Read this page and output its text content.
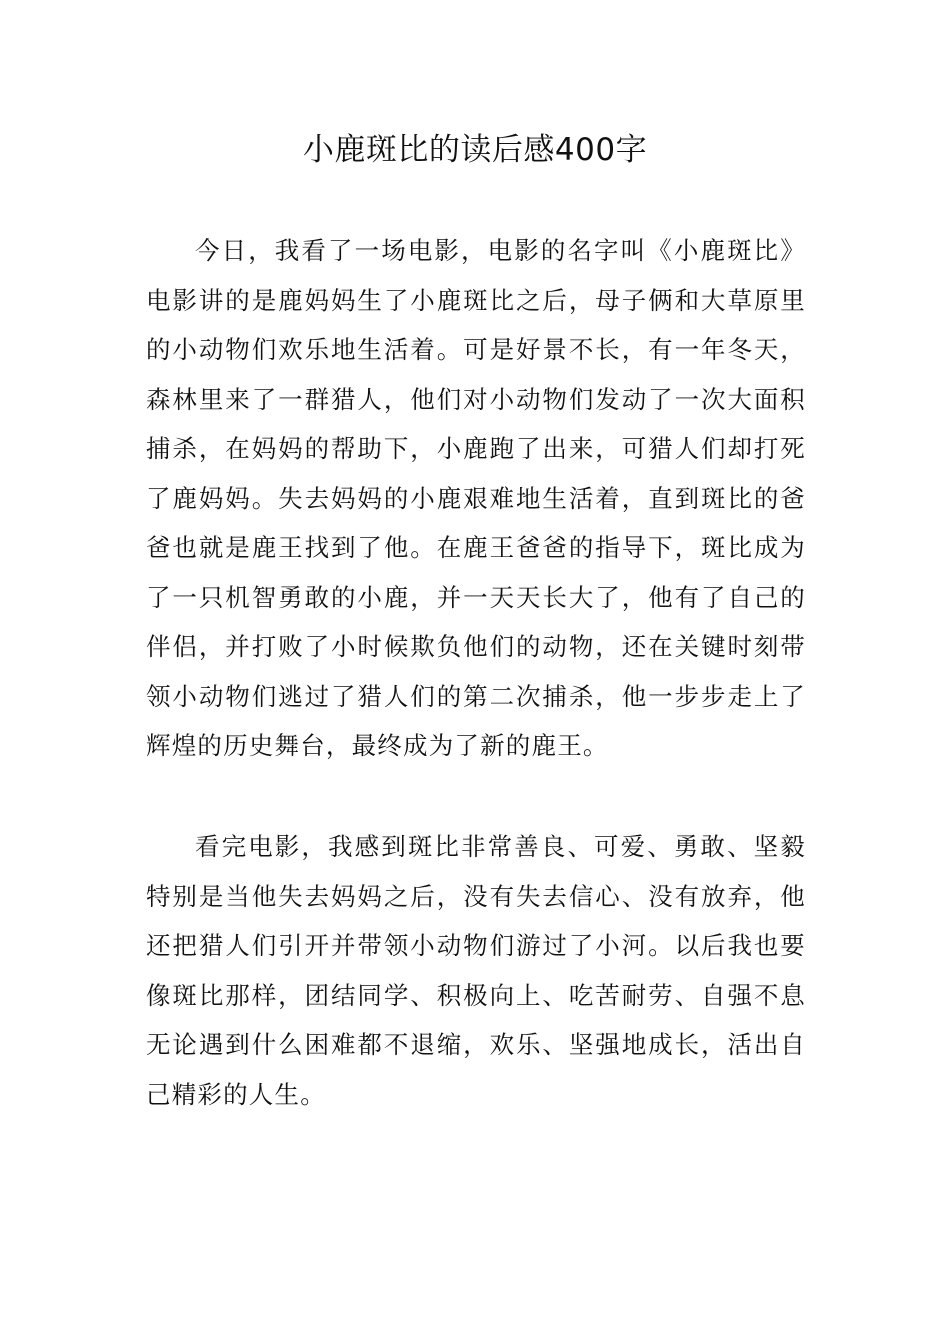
小鹿斑比的读后感400字

今日，我看了一场电影，电影的名字叫《小鹿斑比》电影讲的是鹿妈妈生了小鹿斑比之后，母子俩和大草原里的小动物们欢乐地生活着。可是好景不长，有一年冬天，森林里来了一群猎人，他们对小动物们发动了一次大面积捕杀，在妈妈的帮助下，小鹿跑了出来，可猎人们却打死了鹿妈妈。失去妈妈的小鹿艰难地生活着，直到斑比的爸爸也就是鹿王找到了他。在鹿王爸爸的指导下，斑比成为了一只机智勇敢的小鹿，并一天天长大了，他有了自己的伴侣，并打败了小时候欺负他们的动物，还在关键时刻带领小动物们逃过了猎人们的第二次捕杀，他一步步走上了辉煌的历史舞台，最终成为了新的鹿王。

看完电影，我感到斑比非常善良、可爱、勇敢、坚毅特别是当他失去妈妈之后，没有失去信心、没有放弃，他还把猎人们引开并带领小动物们游过了小河。以后我也要像斑比那样，团结同学、积极向上、吃苦耐劳、自强不息无论遇到什么困难都不退缩，欢乐、坚强地成长，活出自己精彩的人生。
